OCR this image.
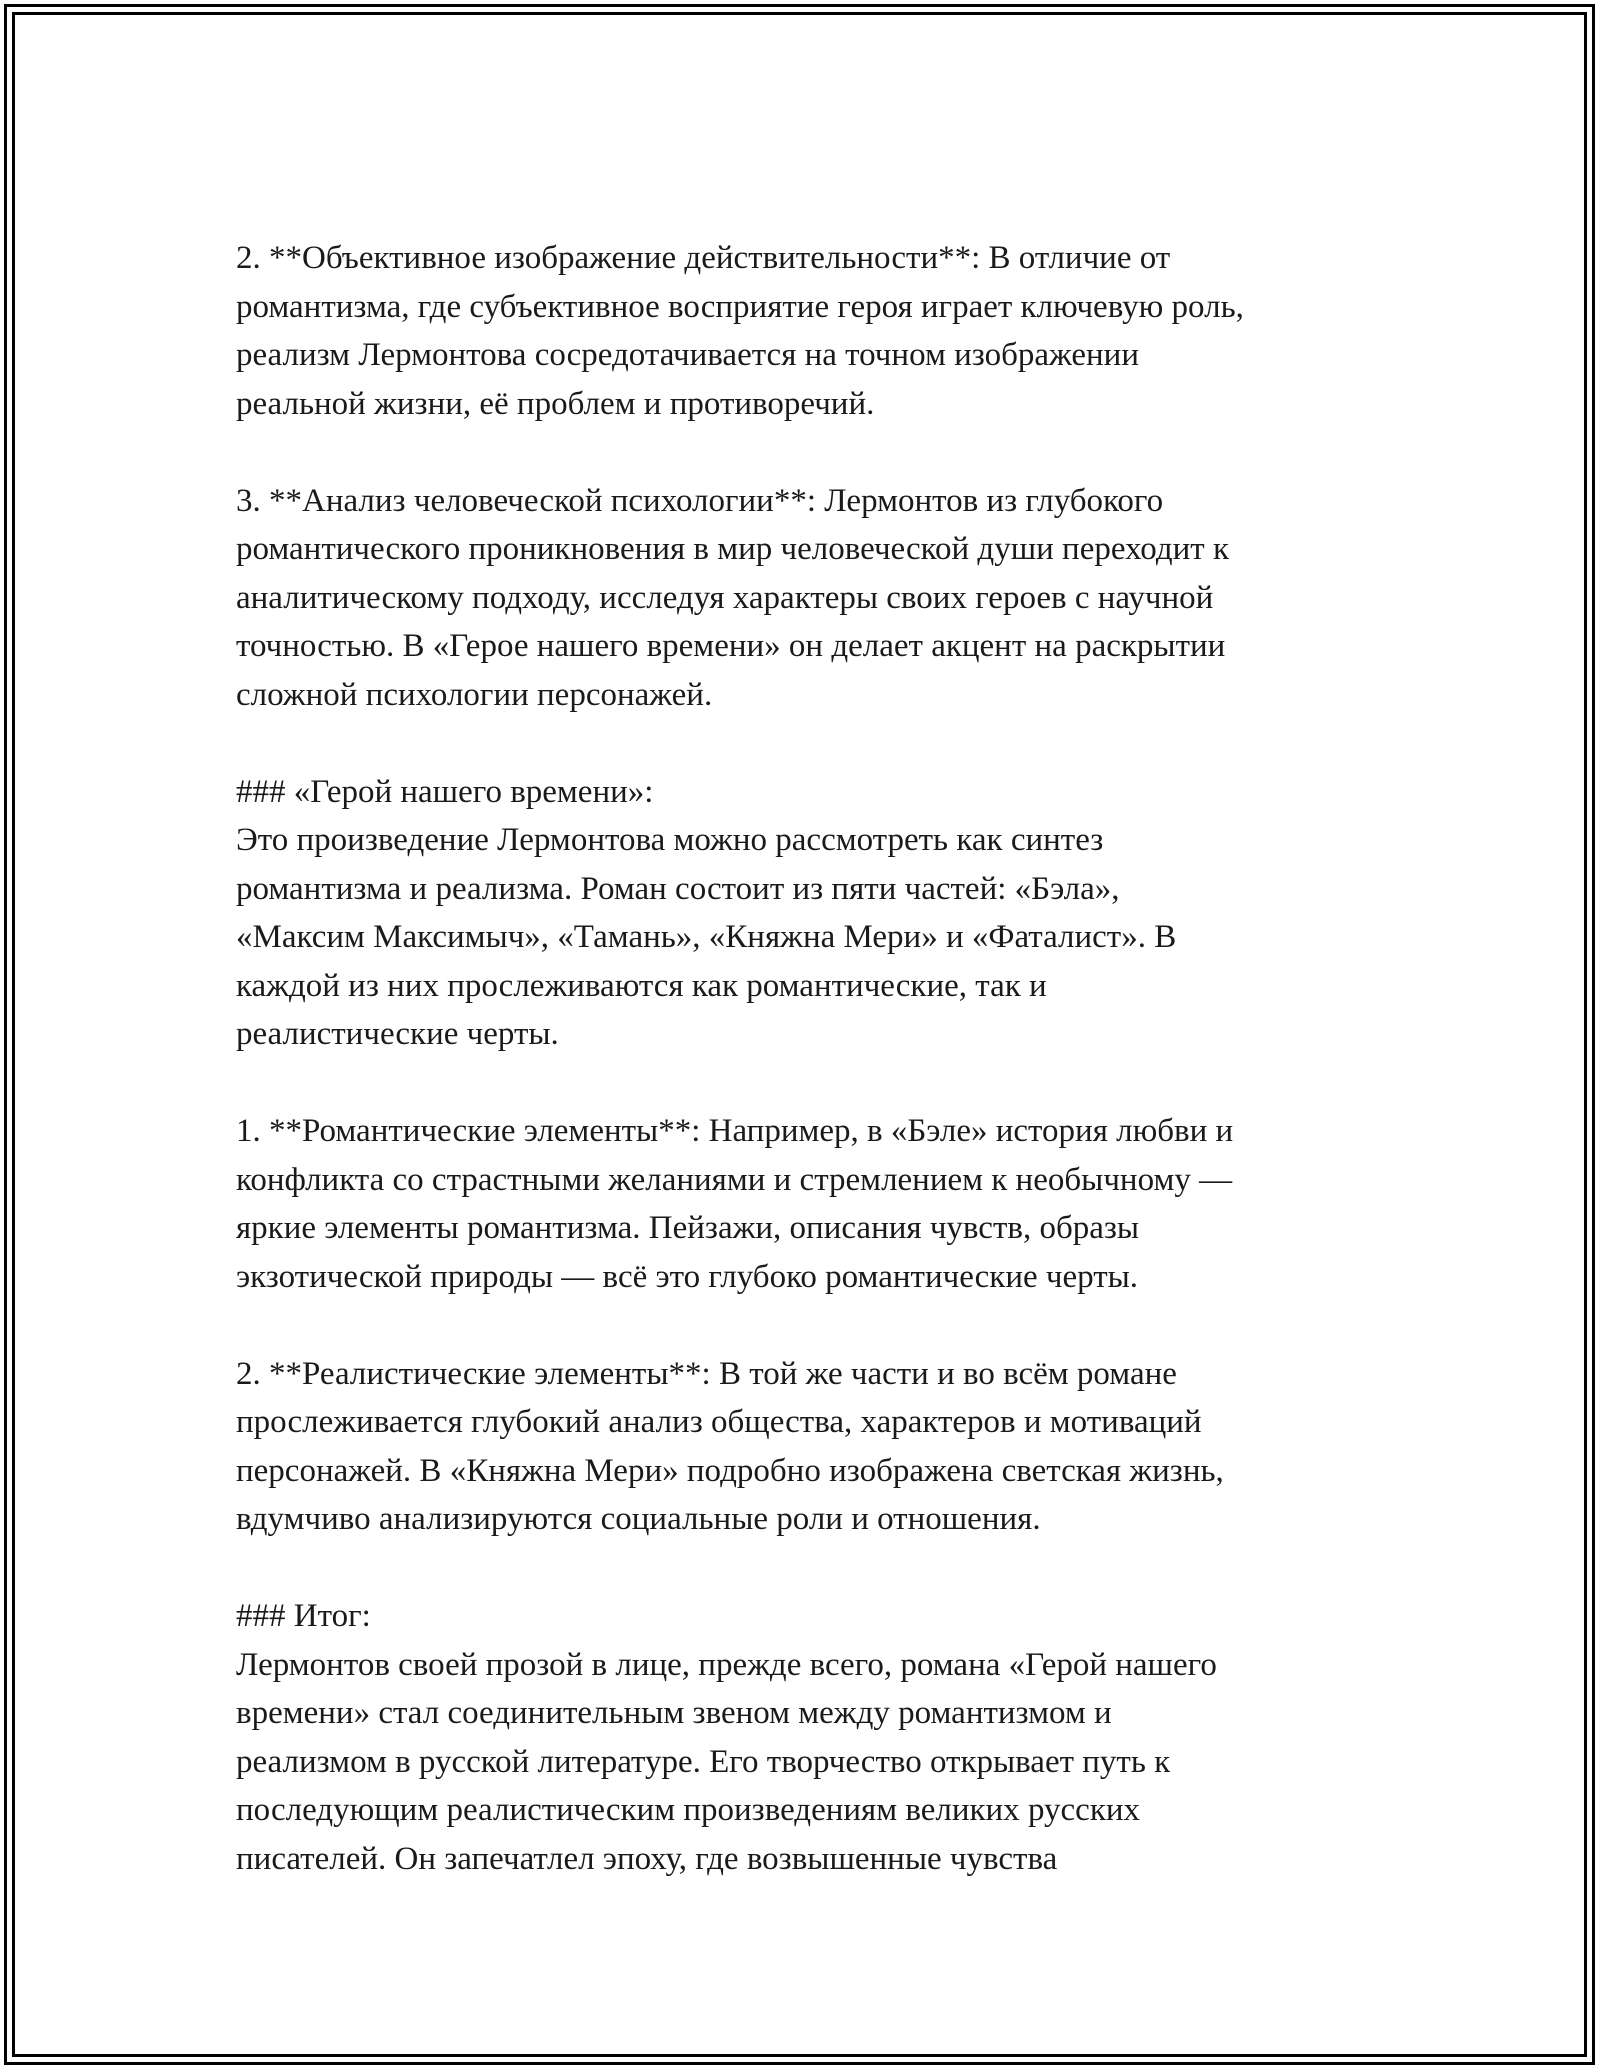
2. **Объективное изображение действительности**: В отличие от
романтизма, где субъективное восприятие героя играет ключевую роль,
реализм Лермонтова сосредотачивается на точном изображении
реальной жизни, её проблем и противоречий.
3. **Анализ человеческой психологии**: Лермонтов из глубокого
романтического проникновения в мир человеческой души переходит к
аналитическому подходу, исследуя характеры своих героев с научной
точностью. В «Герое нашего времени» он делает акцент на раскрытии
сложной психологии персонажей.
### «Герой нашего времени»:
Это произведение Лермонтова можно рассмотреть как синтез
романтизма и реализма. Роман состоит из пяти частей: «Бэла»,
«Максим Максимыч», «Тамань», «Княжна Мери» и «Фаталист». В
каждой из них прослеживаются как романтические, так и
реалистические черты.
1. **Романтические элементы**: Например, в «Бэле» история любви и
конфликта со страстными желаниями и стремлением к необычному —
яркие элементы романтизма. Пейзажи, описания чувств, образы
экзотической природы — всё это глубоко романтические черты.
2. **Реалистические элементы**: В той же части и во всём романе
прослеживается глубокий анализ общества, характеров и мотиваций
персонажей. В «Княжна Мери» подробно изображена светская жизнь,
вдумчиво анализируются социальные роли и отношения.
### Итог:
Лермонтов своей прозой в лице, прежде всего, романа «Герой нашего
времени» стал соединительным звеном между романтизмом и
реализмом в русской литературе. Его творчество открывает путь к
последующим реалистическим произведениям великих русских
писателей. Он запечатлел эпоху, где возвышенные чувства
